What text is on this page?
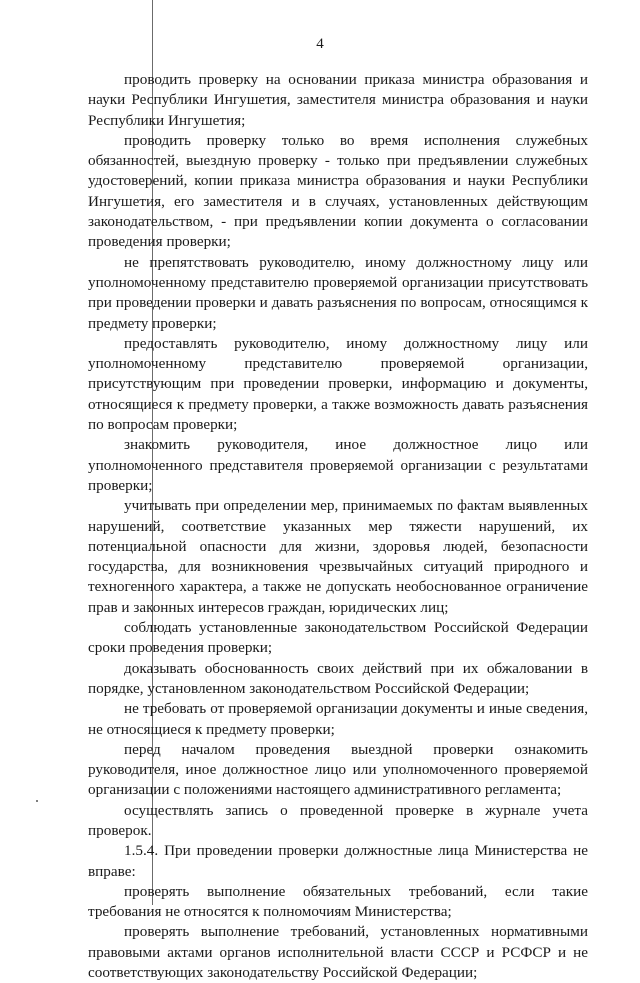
4

проводить проверку на основании приказа министра образования и науки Республики Ингушетия, заместителя министра образования и науки Республики Ингушетия;

проводить проверку только во время исполнения служебных обязанностей, выездную проверку - только при предъявлении служебных удостоверений, копии приказа министра образования и науки Республики Ингушетия, его заместителя и в случаях, установленных действующим законодательством, - при предъявлении копии документа о согласовании проведения проверки;

не препятствовать руководителю, иному должностному лицу или уполномоченному представителю проверяемой организации присутствовать при проведении проверки и давать разъяснения по вопросам, относящимся к предмету проверки;

предоставлять руководителю, иному должностному лицу или уполномоченному представителю проверяемой организации, присутствующим при проведении проверки, информацию и документы, относящиеся к предмету проверки, а также возможность давать разъяснения по вопросам проверки;

знакомить руководителя, иное должностное лицо или уполномоченного представителя проверяемой организации с результатами проверки;

учитывать при определении мер, принимаемых по фактам выявленных нарушений, соответствие указанных мер тяжести нарушений, их потенциальной опасности для жизни, здоровья людей, безопасности государства, для возникновения чрезвычайных ситуаций природного и техногенного характера, а также не допускать необоснованное ограничение прав и законных интересов граждан, юридических лиц;

соблюдать установленные законодательством Российской Федерации сроки проведения проверки;

доказывать обоснованность своих действий при их обжаловании в порядке, установленном законодательством Российской Федерации;

не требовать от проверяемой организации документы и иные сведения, не относящиеся к предмету проверки;

перед началом проведения выездной проверки ознакомить руководителя, иное должностное лицо или уполномоченного проверяемой организации с положениями настоящего административного регламента;

осуществлять запись о проведенной проверке в журнале учета проверок.

1.5.4. При проведении проверки должностные лица Министерства не вправе:

проверять выполнение обязательных требований, если такие требования не относятся к полномочиям Министерства;

проверять выполнение требований, установленных нормативными правовыми актами органов исполнительной власти СССР и РСФСР и не соответствующих законодательству Российской Федерации;
